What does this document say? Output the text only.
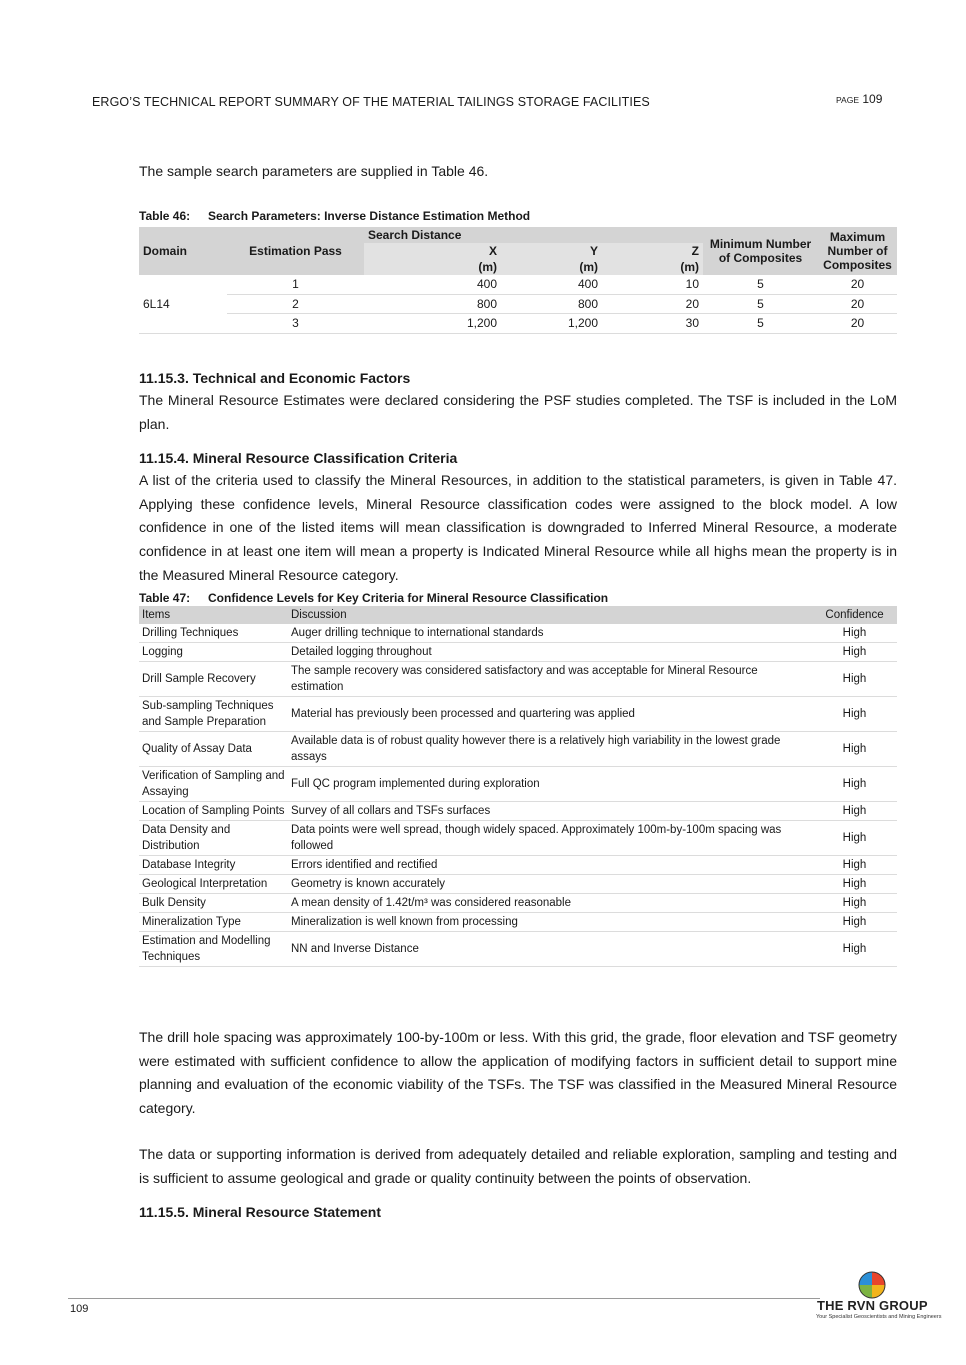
ERGO’S TECHNICAL REPORT SUMMARY OF THE MATERIAL TAILINGS STORAGE FACILITIES	PAGE 109
The sample search parameters are supplied in Table 46.
Table 46: Search Parameters: Inverse Distance Estimation Method
Domain	Estimation Pass	Search Distance			Minimum Number of Composites	Maximum Number of Composites
		X	Y	Z		
		(m)	(m)	(m)		
6L14	1	400	400	10	5	20
	2	800	800	20	5	20
	3	1,200	1,200	30	5	20
11.15.3. Technical and Economic Factors
The Mineral Resource Estimates were declared considering the PSF studies completed. The TSF is included in the LoM plan.
11.15.4. Mineral Resource Classification Criteria
A list of the criteria used to classify the Mineral Resources, in addition to the statistical parameters, is given in Table 47. Applying these confidence levels, Mineral Resource classification codes were assigned to the block model. A low confidence in one of the listed items will mean classification is downgraded to Inferred Mineral Resource, a moderate confidence in at least one item will mean a property is Indicated Mineral Resource while all highs mean the property is in the Measured Mineral Resource category.
Table 47: Confidence Levels for Key Criteria for Mineral Resource Classification
Items	Discussion	Confidence
Drilling Techniques	Auger drilling technique to international standards	High
Logging	Detailed logging throughout	High
Drill Sample Recovery	The sample recovery was considered satisfactory and was acceptable for Mineral Resource estimation	High
Sub-sampling Techniques and Sample Preparation	Material has previously been processed and quartering was applied	High
Quality of Assay Data	Available data is of robust quality however there is a relatively high variability in the lowest grade assays	High
Verification of Sampling and Assaying	Full QC program implemented during exploration	High
Location of Sampling Points	Survey of all collars and TSFs surfaces	High
Data Density and Distribution	Data points were well spread, though widely spaced. Approximately 100m-by-100m spacing was followed	High
Database Integrity	Errors identified and rectified	High
Geological Interpretation	Geometry is known accurately	High
Bulk Density	A mean density of 1.42t/m³ was considered reasonable	High
Mineralization Type	Mineralization is well known from processing	High
Estimation and Modelling Techniques	NN and Inverse Distance	High
The drill hole spacing was approximately 100-by-100m or less. With this grid, the grade, floor elevation and TSF geometry were estimated with sufficient confidence to allow the application of modifying factors in sufficient detail to support mine planning and evaluation of the economic viability of the TSFs. The TSF was classified in the Measured Mineral Resource category.
The data or supporting information is derived from adequately detailed and reliable exploration, sampling and testing and is sufficient to assume geological and grade or quality continuity between the points of observation.
11.15.5. Mineral Resource Statement
109	THE RVN GROUP
Your Specialist Geoscientists and Mining Engineers
